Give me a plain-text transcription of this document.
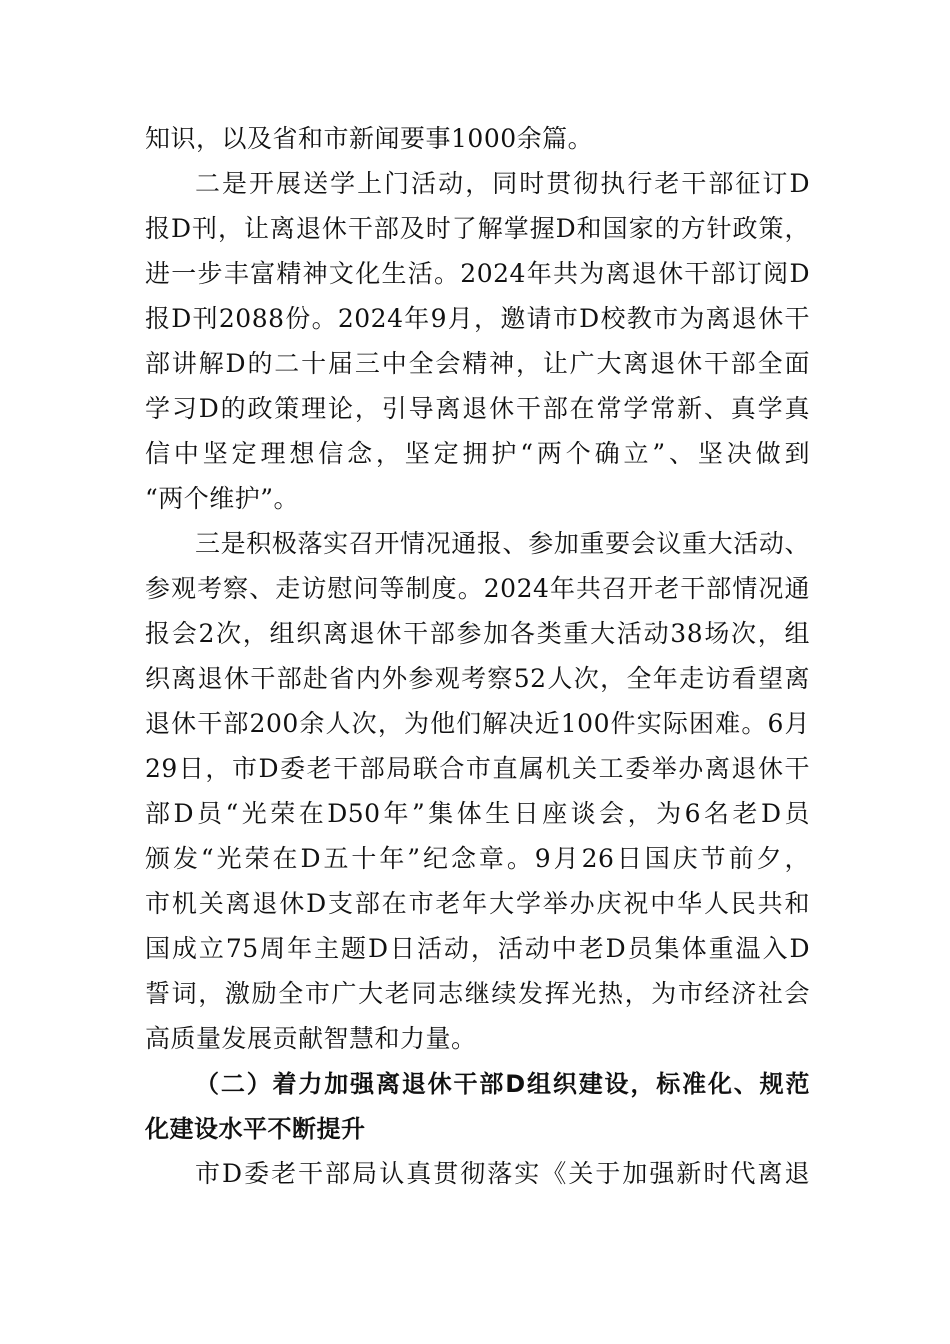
知识，以及省和市新闻要事1000余篇。
二是开展送学上门活动，同时贯彻执行老干部征订D
报D刊，让离退休干部及时了解掌握D和国家的方针政策，
进一步丰富精神文化生活。2024年共为离退休干部订阅D
报D刊2088份。2024年9月，邀请市D校教市为离退休干
部讲解D的二十届三中全会精神，让广大离退休干部全面
学习D的政策理论，引导离退休干部在常学常新、真学真
信中坚定理想信念，坚定拥护“两个确立”、坚决做到
“两个维护”。
三是积极落实召开情况通报、参加重要会议重大活动、
参观考察、走访慰问等制度。2024年共召开老干部情况通
报会2次，组织离退休干部参加各类重大活动38场次，组
织离退休干部赴省内外参观考察52人次，全年走访看望离
退休干部200余人次，为他们解决近100件实际困难。6月
29日，市D委老干部局联合市直属机关工委举办离退休干
部D员“光荣在D50年”集体生日座谈会，为6名老D员
颁发“光荣在D五十年”纪念章。9月26日国庆节前夕，
市机关离退休D支部在市老年大学举办庆祝中华人民共和
国成立75周年主题D日活动，活动中老D员集体重温入D
誓词，激励全市广大老同志继续发挥光热，为市经济社会
高质量发展贡献智慧和力量。
（二）着力加强离退休干部D组织建设，标准化、规范
化建设水平不断提升
市D委老干部局认真贯彻落实《关于加强新时代离退
